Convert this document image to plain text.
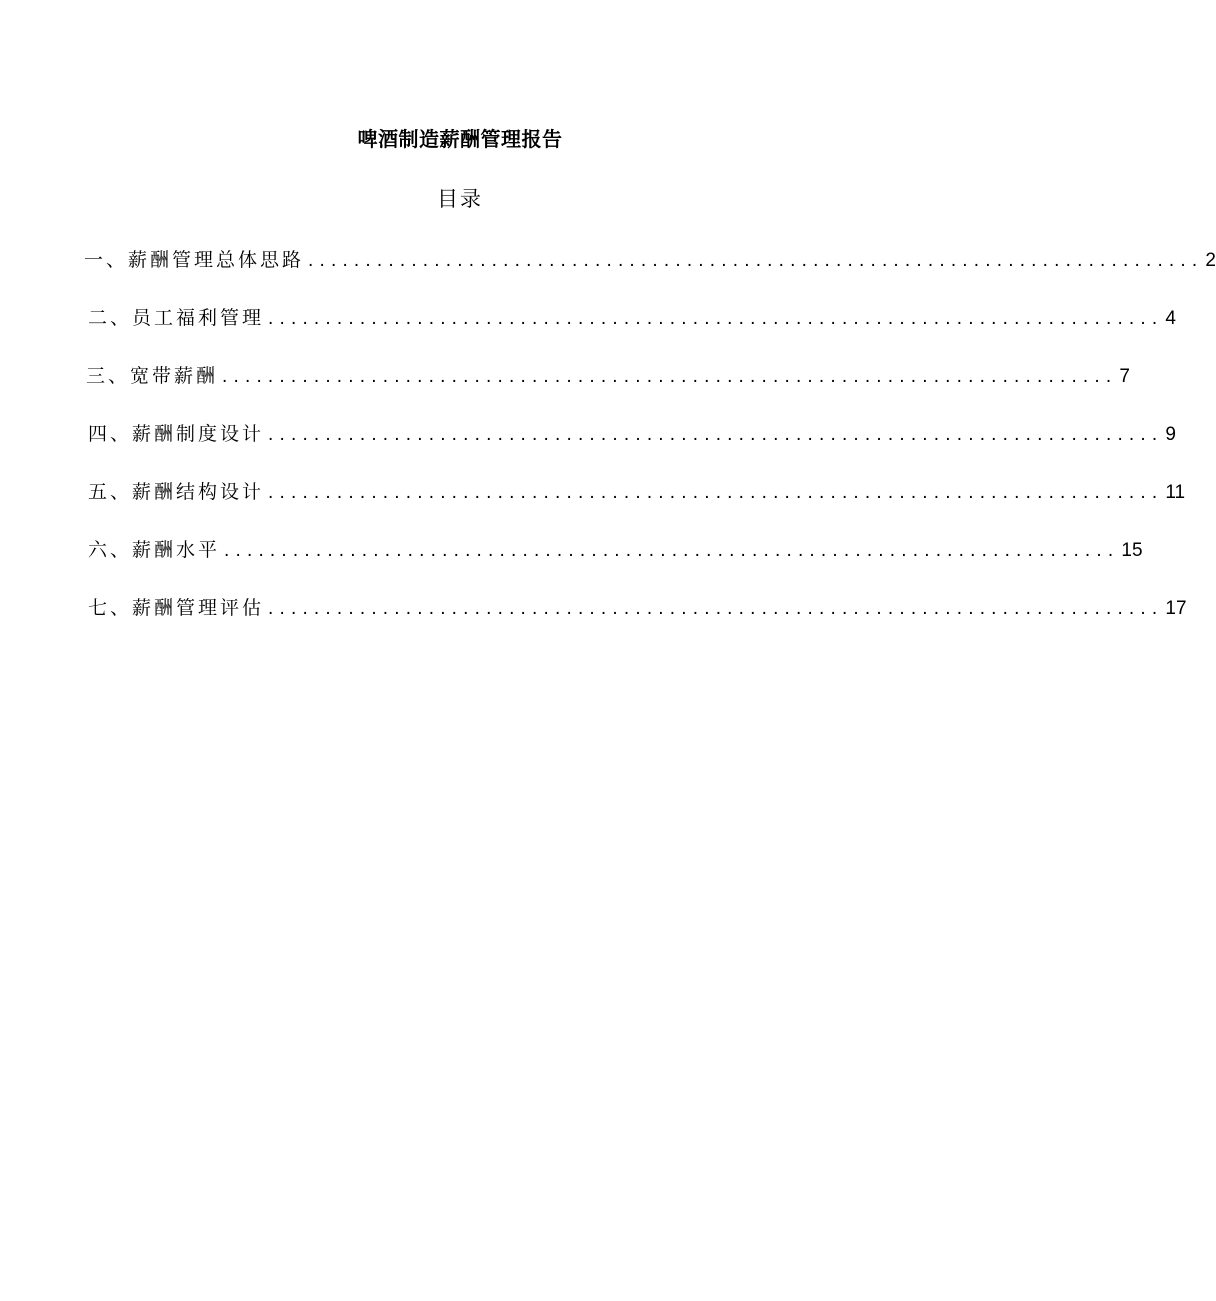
啤酒制造薪酬管理报告
目录
一、薪酬管理总体思路 .............................................................................. 2
二、员工福利管理 .............................................................................. 4
三、宽带薪酬 .............................................................................. 7
四、薪酬制度设计 .............................................................................. 9
五、薪酬结构设计 .............................................................................. 11
六、薪酬水平 .............................................................................. 15
七、薪酬管理评估 .............................................................................. 17
